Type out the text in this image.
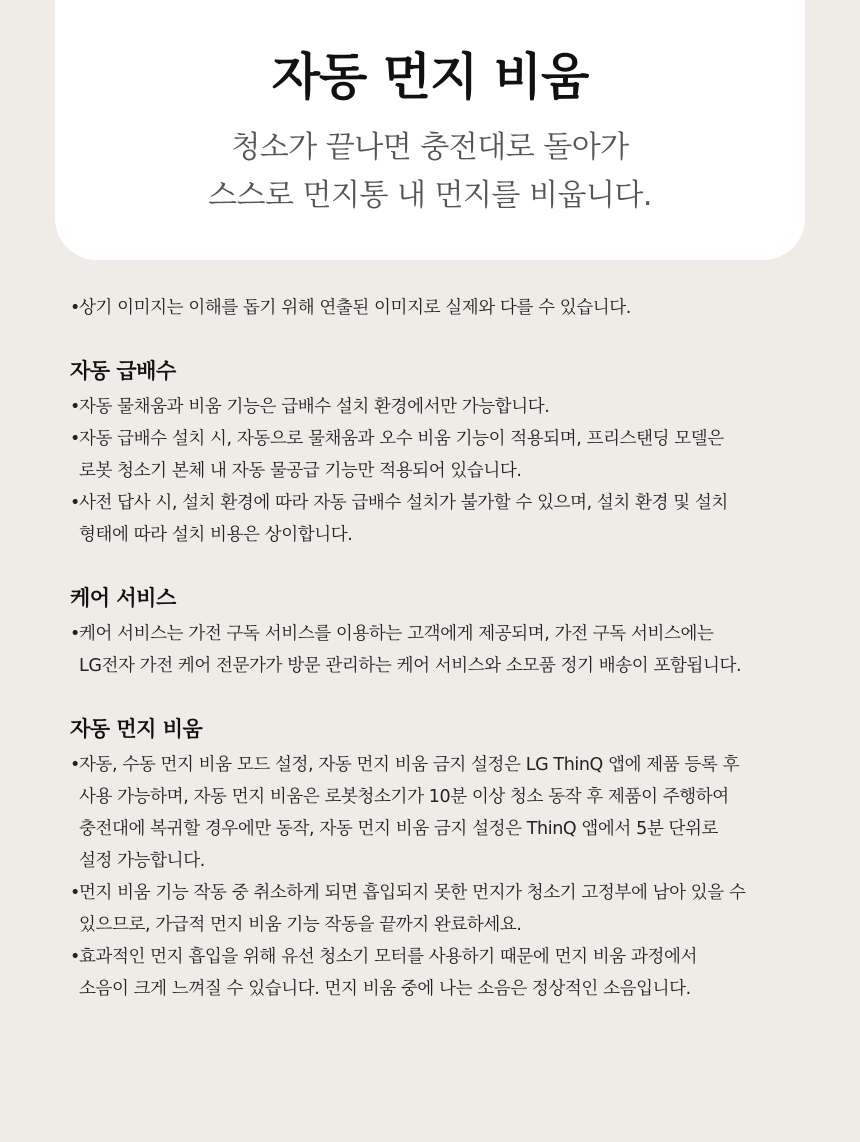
자동 먼지 비움
청소가 끝나면 충전대로 돌아가
스스로 먼지통 내 먼지를 비웁니다.
• 상기 이미지는 이해를 돕기 위해 연출된 이미지로 실제와 다를 수 있습니다.
자동 급배수
• 자동 물채움과 비움 기능은 급배수 설치 환경에서만 가능합니다.
• 자동 급배수 설치 시, 자동으로 물채움과 오수 비움 기능이 적용되며, 프리스탠딩 모델은
로봇 청소기 본체 내 자동 물공급 기능만 적용되어 있습니다.
• 사전 답사 시, 설치 환경에 따라 자동 급배수 설치가 불가할 수 있으며, 설치 환경 및 설치
형태에 따라 설치 비용은 상이합니다.
케어 서비스
• 케어 서비스는 가전 구독 서비스를 이용하는 고객에게 제공되며, 가전 구독 서비스에는
LG전자 가전 케어 전문가가 방문 관리하는 케어 서비스와 소모품 정기 배송이 포함됩니다.
자동 먼지 비움
• 자동, 수동 먼지 비움 모드 설정, 자동 먼지 비움 금지 설정은 LG ThinQ 앱에 제품 등록 후
사용 가능하며, 자동 먼지 비움은 로봇청소기가 10분 이상 청소 동작 후 제품이 주행하여
충전대에 복귀할 경우에만 동작, 자동 먼지 비움 금지 설정은 ThinQ 앱에서 5분 단위로
설정 가능합니다.
• 먼지 비움 기능 작동 중 취소하게 되면 흡입되지 못한 먼지가 청소기 고정부에 남아 있을 수
있으므로, 가급적 먼지 비움 기능 작동을 끝까지 완료하세요.
• 효과적인 먼지 흡입을 위해 유선 청소기 모터를 사용하기 때문에 먼지 비움 과정에서
소음이 크게 느껴질 수 있습니다. 먼지 비움 중에 나는 소음은 정상적인 소음입니다.
